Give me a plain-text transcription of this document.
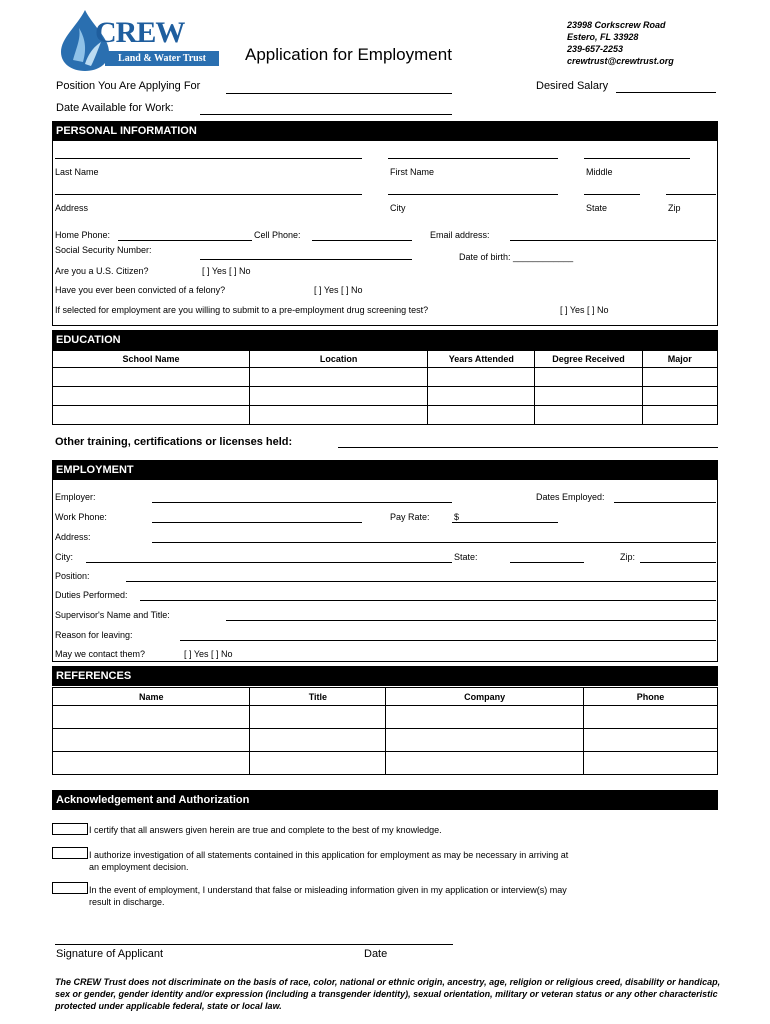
CREW
Land & Water Trust	Application for Employment
23998 Corkscrew Road
Estero, FL 33928
239-657-2253
crewtrust@crewtrust.org
Position You Are Applying For	Desired Salary
Date Available for Work:
PERSONAL INFORMATION
Last Name	First Name	Middle
Address	City	State	Zip
Home Phone:	Cell Phone:	Email address:
Social Security Number:
Date of birth: ____________
Are you a U.S. Citizen?	[ ] Yes [ ] No
Have you ever been convicted of a felony?	[ ] Yes [ ] No
If selected for employment are you willing to submit to a pre-employment drug screening test?	[ ] Yes [ ] No
EDUCATION
School Name	Location	Years Attended	Degree Received	Major

Other training, certifications or licenses held:
EMPLOYMENT
Employer:	Dates Employed:
Work Phone:	Pay Rate:	$
Address:
City:	State:	Zip:
Position:
Duties Performed:
Supervisor's Name and Title:
Reason for leaving:
May we contact them?	[ ] Yes [ ] No
REFERENCES
Name	Title	Company	Phone

Acknowledgement and Authorization
I certify that all answers given herein are true and complete to the best of my knowledge.
I authorize investigation of all statements contained in this application for employment as may be necessary in arriving at
an employment decision.
In the event of employment, I understand that false or misleading information given in my application or interview(s) may
result in discharge.
Signature of Applicant	Date
The CREW Trust does not discriminate on the basis of race, color, national or ethnic origin, ancestry, age, religion or religious creed, disability or handicap, sex or gender, gender identity and/or expression (including a transgender identity), sexual orientation, military or veteran status or any other characteristic protected under applicable federal, state or local law.
